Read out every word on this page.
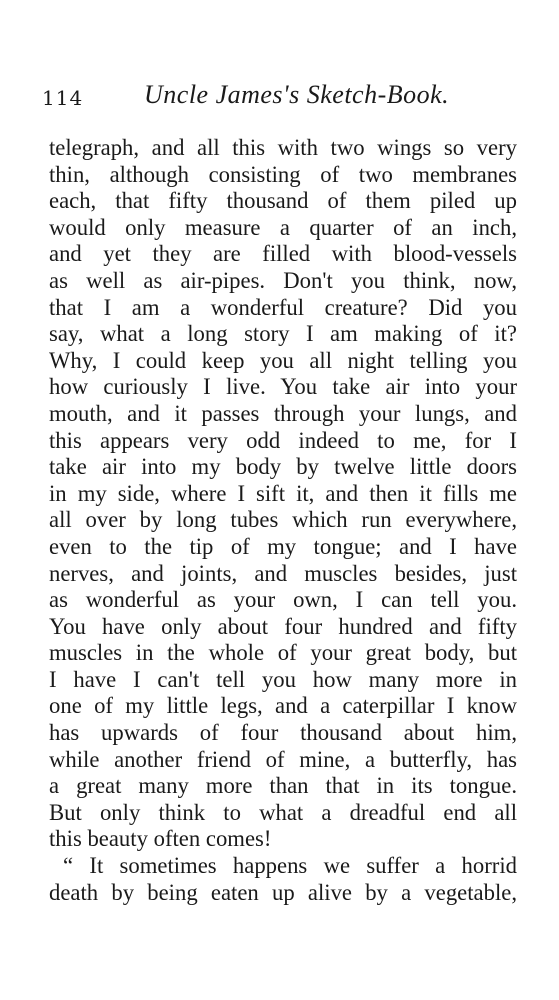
114 Uncle James's Sketch-Book.
telegraph, and all this with two wings so very
thin, although consisting of two membranes
each, that fifty thousand of them piled up
would only measure a quarter of an inch,
and yet they are filled with blood-vessels
as well as air-pipes. Don't you think, now,
that I am a wonderful creature? Did you
say, what a long story I am making of it?
Why, I could keep you all night telling you
how curiously I live. You take air into your
mouth, and it passes through your lungs, and
this appears very odd indeed to me, for I
take air into my body by twelve little doors
in my side, where I sift it, and then it fills me
all over by long tubes which run everywhere,
even to the tip of my tongue; and I have
nerves, and joints, and muscles besides, just
as wonderful as your own, I can tell you.
You have only about four hundred and fifty
muscles in the whole of your great body, but
I have I can't tell you how many more in
one of my little legs, and a caterpillar I know
has upwards of four thousand about him,
while another friend of mine, a butterfly, has
a great many more than that in its tongue.
But only think to what a dreadful end all
this beauty often comes!
“ It sometimes happens we suffer a horrid
death by being eaten up alive by a vegetable,
